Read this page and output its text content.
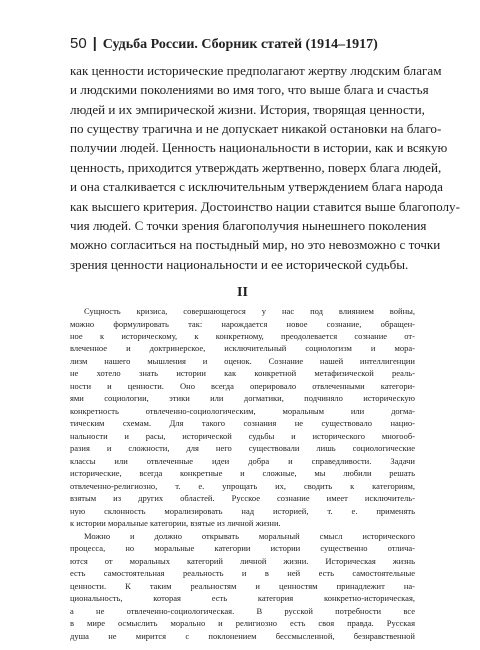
50 | Судьба России. Сборник статей (1914–1917)
как ценности исторические предполагают жертву людским благам
и людскими поколениями во имя того, что выше блага и счастья
людей и их эмпирической жизни. История, творящая ценности,
по существу трагична и не допускает никакой остановки на благо-
получии людей. Ценность национальности в истории, как и всякую
ценность, приходится утверждать жертвенно, поверх блага людей,
и она сталкивается с исключительным утверждением блага народа
как высшего критерия. Достоинство нации ставится выше благополу-
чия людей. С точки зрения благополучия нынешнего поколения
можно согласиться на постыдный мир, но это невозможно с точки
зрения ценности национальности и ее исторической судьбы.
II
Сущность кризиса, совершающегося у нас под влиянием войны,
можно формулировать так: нарождается новое сознание, обращен-
ное к историческому, к конкретному, преодолевается сознание от-
влеченное и доктринерское, исключительный социологизм и мора-
лизм нашего мышления и оценок. Сознание нашей интеллигенции
не хотело знать истории как конкретной метафизической реаль-
ности и ценности. Оно всегда оперировало отвлеченными категори-
ями социологии, этики или догматики, подчиняло историческую
конкретность отвлеченно-социологическим, моральным или догма-
тическим схемам. Для такого сознания не существовало нацио-
нальности и расы, исторической судьбы и исторического многооб-
разия и сложности, для него существовали лишь социологические
классы или отвлеченные идеи добра и справедливости. Задачи
исторические, всегда конкретные и сложные, мы любили решать
отвлеченно-религиозно, т. е. упрощать их, сводить к категориям,
взятым из других областей. Русское сознание имеет исключитель-
ную склонность морализировать над историей, т. е. применять
к истории моральные категории, взятые из личной жизни.
Можно и должно открывать моральный смысл исторического
процесса, но моральные категории истории существенно отлича-
ются от моральных категорий личной жизни. Историческая жизнь
есть самостоятельная реальность и в ней есть самостоятельные
ценности. К таким реальностям и ценностям принадлежит на-
циональность, которая есть категория конкретно-историческая,
а не отвлеченно-социологическая. В русской потребности все
в мире осмыслить морально и религиозно есть своя правда. Русская
душа не мирится с поклонением бессмысленной, безнравственной
